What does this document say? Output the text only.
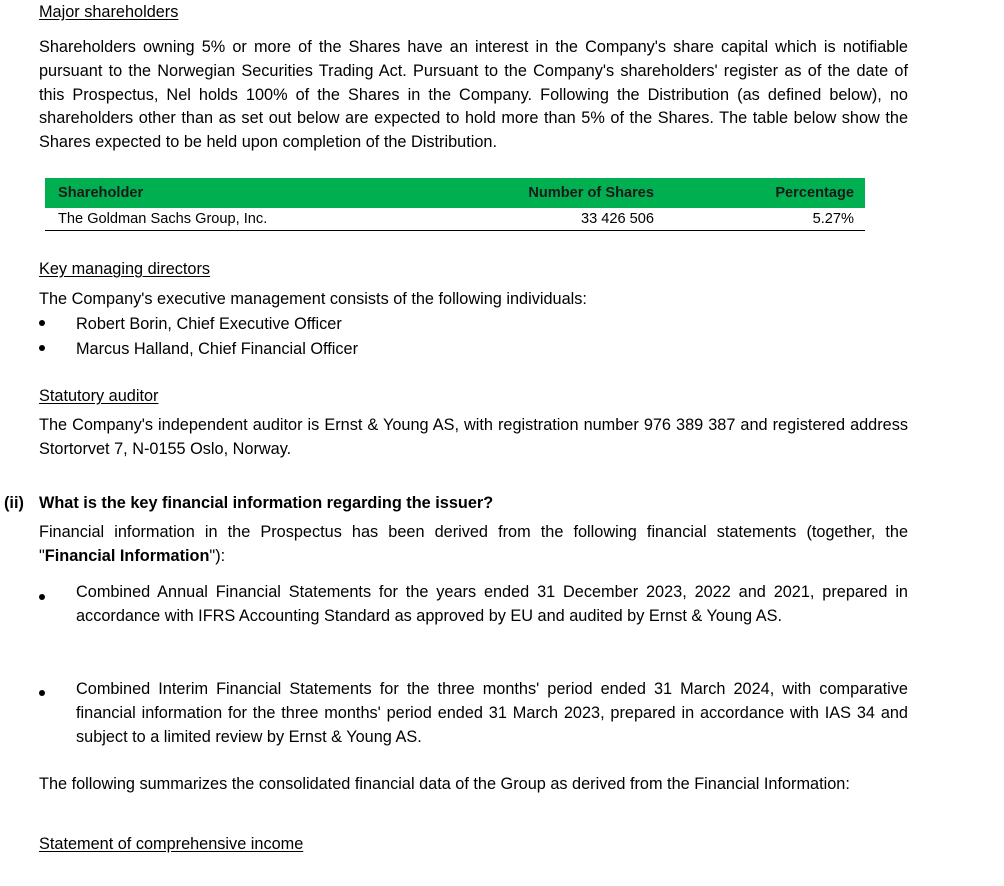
Major shareholders

Shareholders owning 5% or more of the Shares have an interest in the Company's share capital which is notifiable pursuant to the Norwegian Securities Trading Act. Pursuant to the Company's shareholders' register as of the date of this Prospectus, Nel holds 100% of the Shares in the Company. Following the Distribution (as defined below), no shareholders other than as set out below are expected to hold more than 5% of the Shares. The table below show the Shares expected to be held upon completion of the Distribution.

Shareholder	Number of Shares	Percentage
The Goldman Sachs Group, Inc.	33 426 506	5.27%
Key managing directors
The Company's executive management consists of the following individuals:
Robert Borin, Chief Executive Officer
Marcus Halland, Chief Financial Officer
Statutory auditor

The Company's independent auditor is Ernst & Young AS, with registration number 976 389 387 and registered address Stortorvet 7, N-0155 Oslo, Norway.

(ii) What is the key financial information regarding the issuer?

Financial information in the Prospectus has been derived from the following financial statements (together, the "Financial Information"):

Combined Annual Financial Statements for the years ended 31 December 2023, 2022 and 2021, prepared in accordance with IFRS Accounting Standard as approved by EU and audited by Ernst & Young AS.

Combined Interim Financial Statements for the three months' period ended 31 March 2024, with comparative financial information for the three months' period ended 31 March 2023, prepared in accordance with IAS 34 and subject to a limited review by Ernst & Young AS.

The following summarizes the consolidated financial data of the Group as derived from the Financial Information:

Statement of comprehensive income
